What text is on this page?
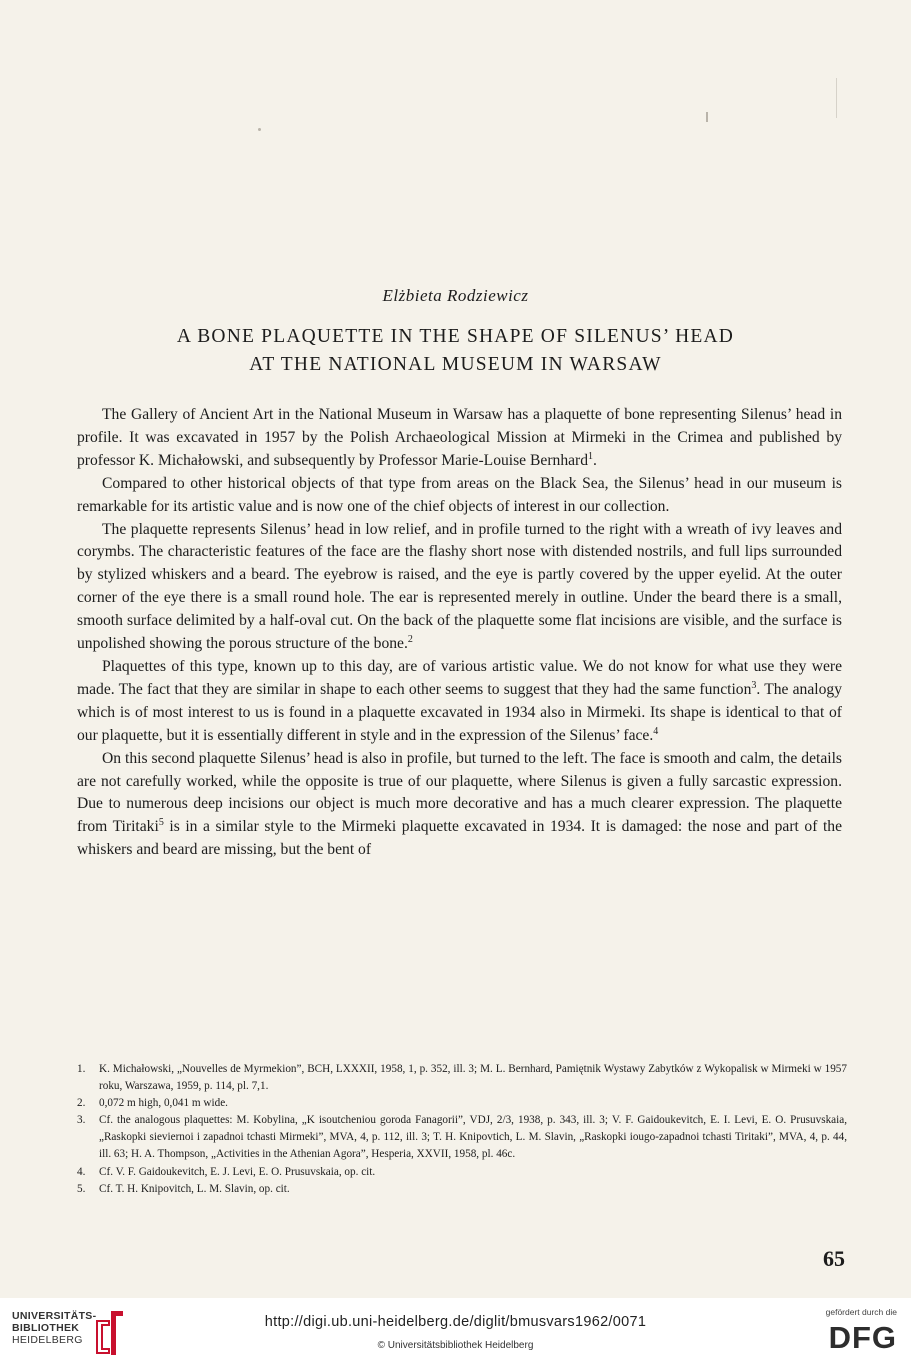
Elżbieta Rodziewicz
A BONE PLAQUETTE IN THE SHAPE OF SILENUS’ HEAD
AT THE NATIONAL MUSEUM IN WARSAW

The Gallery of Ancient Art in the National Museum in Warsaw has a plaquette of bone representing Silenus’ head in profile. It was excavated in 1957 by the Polish Archaeological Mission at Mirmeki in the Crimea and published by professor K. Michałowski, and subsequently by Professor Marie-Louise Bernhard$^1$.

Compared to other historical objects of that type from areas on the Black Sea, the Silenus’ head in our museum is remarkable for its artistic value and is now one of the chief objects of interest in our collection.

The plaquette represents Silenus’ head in low relief, and in profile turned to the right with a wreath of ivy leaves and corymbs. The characteristic features of the face are the flashy short nose with distended nostrils, and full lips surrounded by stylized whiskers and a beard. The eyebrow is raised, and the eye is partly covered by the upper eyelid. At the outer corner of the eye there is a small round hole. The ear is represented merely in outline. Under the beard there is a small, smooth surface delimited by a half-oval cut. On the back of the plaquette some flat incisions are visible, and the surface is unpolished showing the porous structure of the bone.$^2$

Plaquettes of this type, known up to this day, are of various artistic value. We do not know for what use they were made. The fact that they are similar in shape to each other seems to suggest that they had the same function$^3$. The analogy which is of most interest to us is found in a plaquette excavated in 1934 also in Mirmeki. Its shape is identical to that of our plaquette, but it is essentially different in style and in the expression of the Silenus’ face.$^4$

On this second plaquette Silenus’ head is also in profile, but turned to the left. The face is smooth and calm, the details are not carefully worked, while the opposite is true of our plaquette, where Silenus is given a fully sarcastic expression. Due to numerous deep incisions our object is much more decorative and has a much clearer expression. The plaquette from Tiritaki$^5$ is in a similar style to the Mirmeki plaquette excavated in 1934. It is damaged: the nose and part of the whiskers and beard are missing, but the bent of

1. K. Michałowski, „Nouvelles de Myrmekion”, BCH, LXXXII, 1958, 1, p. 352, ill. 3; M. L. Bernhard, Pamiętnik Wystawy Zabytków z Wykopalisk w Mirmeki w 1957 roku, Warszawa, 1959, p. 114, pl. 7,1.
2. 0,072 m high, 0,041 m wide.
3. Cf. the analogous plaquettes: M. Kobylina, „K isoutcheniou goroda Fanagorii”, VDJ, 2/3, 1938, p. 343, ill. 3; V. F. Gaidoukevitch, E. I. Levi, E. O. Prusuvskaia, „Raskopki sieviernoi i zapadnoi tchasti Mirmeki”, MVA, 4, p. 112, ill. 3; T. H. Knipovtich, L. M. Slavin, „Raskopki iougo-zapadnoi tchasti Tiritaki”, MVA, 4, p. 44, ill. 63; H. A. Thompson, „Activities in the Athenian Agora”, Hesperia, XXVII, 1958, pl. 46c.
4. Cf. V. F. Gaidoukevitch, E. J. Levi, E. O. Prusuvskaia, op. cit.
5. Cf. T. H. Knipovitch, L. M. Slavin, op. cit.
65
UNIVERSITÄTS-
BIBLIOTHEK
HEIDELBERG
http://digi.ub.uni-heidelberg.de/diglit/bmusvars1962/0071
© Universitätsbibliothek Heidelberg
gefördert durch die
DFG
